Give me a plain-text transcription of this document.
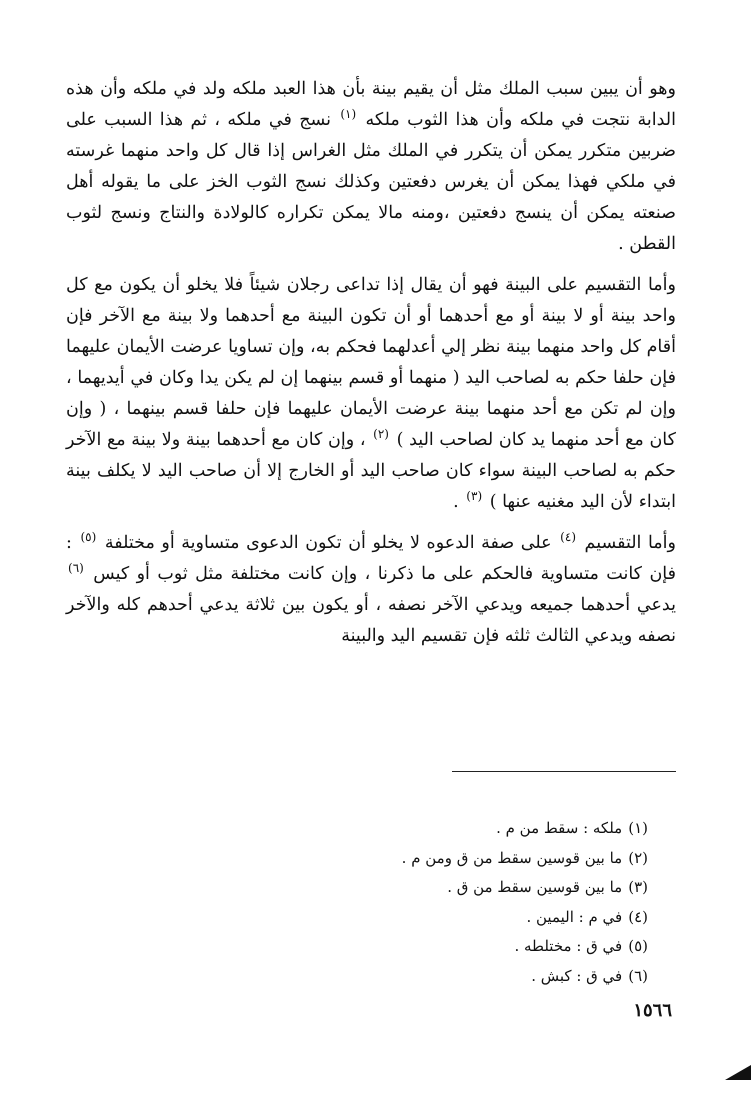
وهو أن يبين سبب الملك مثل أن يقيم بينة بأن هذا العبد ملكه ولد في ملكه وأن هذه الدابة نتجت في ملكه وأن هذا الثوب ملكه $^{(١)}$ نسج في ملكه ، ثم هذا السبب على ضربين متكرر يمكن أن يتكرر في الملك مثل الغراس إذا قال كل واحد منهما غرسته في ملكي فهذا يمكن أن يغرس دفعتين وكذلك نسج الثوب الخز على ما يقوله أهل صنعته يمكن أن ينسج دفعتين ،ومنه مالا يمكن تكراره كالولادة والنتاج ونسج لثوب القطن .

وأما التقسيم على البينة فهو أن يقال إذا تداعى رجلان شيئاً فلا يخلو أن يكون مع كل واحد بينة أو لا بينة أو مع أحدهما أو أن تكون البينة مع أحدهما ولا بينة مع الآخر فإن أقام كل واحد منهما بينة نظر إلي أعدلهما فحكم به، وإن تساويا عرضت الأيمان عليهما فإن حلفا حكم به لصاحب اليد ( منهما أو قسم بينهما إن لم يكن يدا وكان في أيديهما ، وإن لم تكن مع أحد منهما بينة عرضت الأيمان عليهما فإن حلفا قسم بينهما ، ( وإن كان مع أحد منهما يد كان لصاحب اليد ) $^{(٢)}$ ، وإن كان مع أحدهما بينة ولا بينة مع الآخر حكم به لصاحب البينة سواء كان صاحب اليد أو الخارج إلا أن صاحب اليد لا يكلف بينة ابتداء لأن اليد مغنيه عنها ) $^{(٣)}$ .

وأما التقسيم $^{(٤)}$ على صفة الدعوه لا يخلو أن تكون الدعوى متساوية أو مختلفة $^{(٥)}$ : فإن كانت متساوية فالحكم على ما ذكرنا ، وإن كانت مختلفة مثل ثوب أو كيس $^{(٦)}$ يدعي أحدهما جميعه ويدعي الآخر نصفه ، أو يكون بين ثلاثة يدعي أحدهم كله والآخر نصفه ويدعي الثالث ثلثه فإن تقسيم اليد والبينة

(١)ملكه : سقط من م .
(٢)ما بين قوسين سقط من ق ومن م .
(٣)ما بين قوسين سقط من ق .
(٤)في م : اليمين .
(٥)في ق : مختلطه .
(٦)في ق : كبش .
١٥٦٦
